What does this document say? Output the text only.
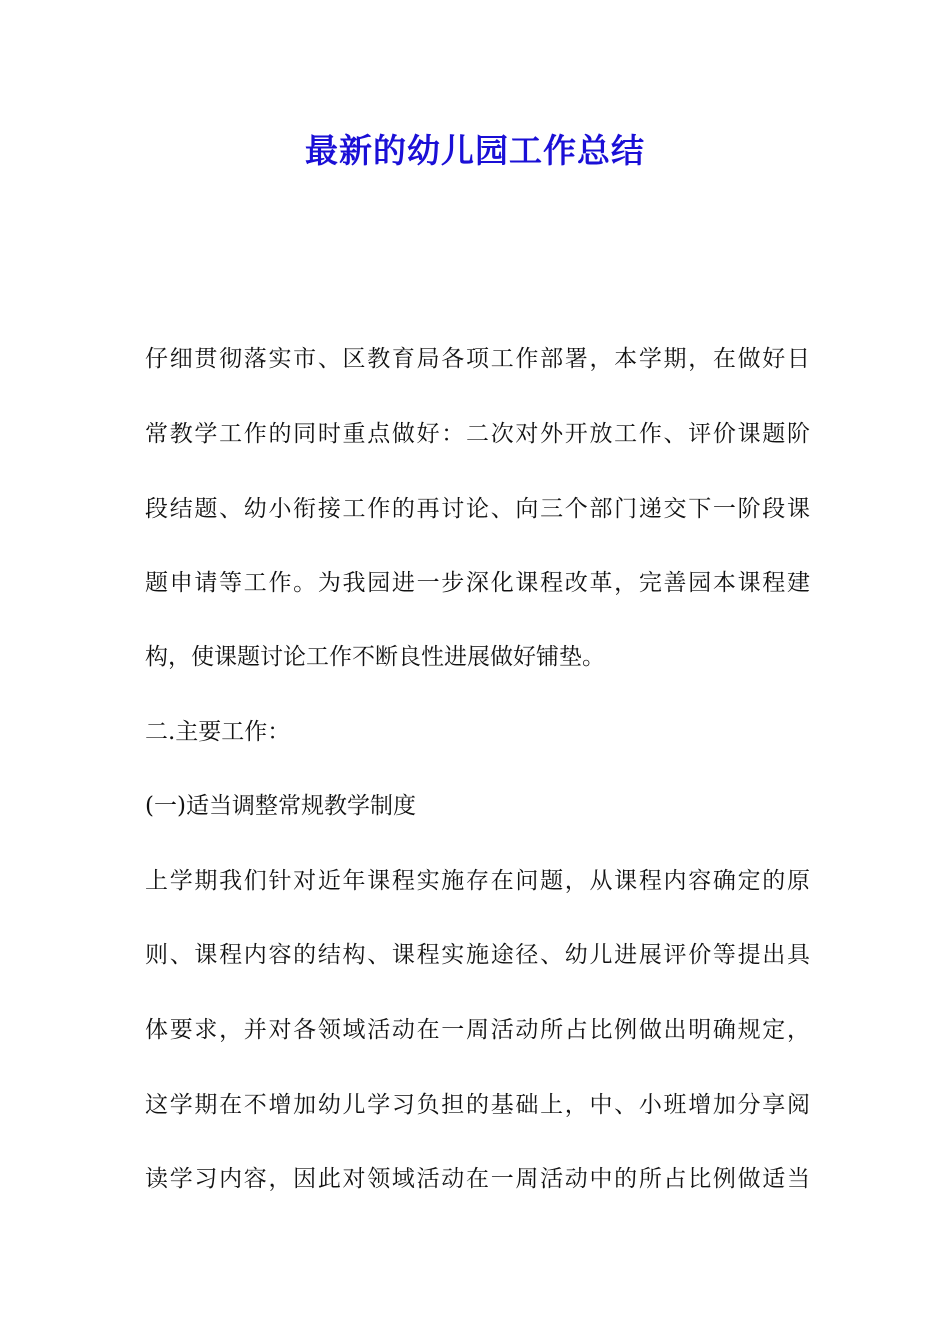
最新的幼儿园工作总结
仔细贯彻落实市、区教育局各项工作部署，本学期，在做好日
常教学工作的同时重点做好：二次对外开放工作、评价课题阶
段结题、幼小衔接工作的再讨论、向三个部门递交下一阶段课
题申请等工作。为我园进一步深化课程改革，完善园本课程建
构，使课题讨论工作不断良性进展做好铺垫。
二.主要工作：
(一)适当调整常规教学制度
上学期我们针对近年课程实施存在问题，从课程内容确定的原
则、课程内容的结构、课程实施途径、幼儿进展评价等提出具
体要求，并对各领域活动在一周活动所占比例做出明确规定，
这学期在不增加幼儿学习负担的基础上，中、小班增加分享阅
读学习内容，因此对领域活动在一周活动中的所占比例做适当
